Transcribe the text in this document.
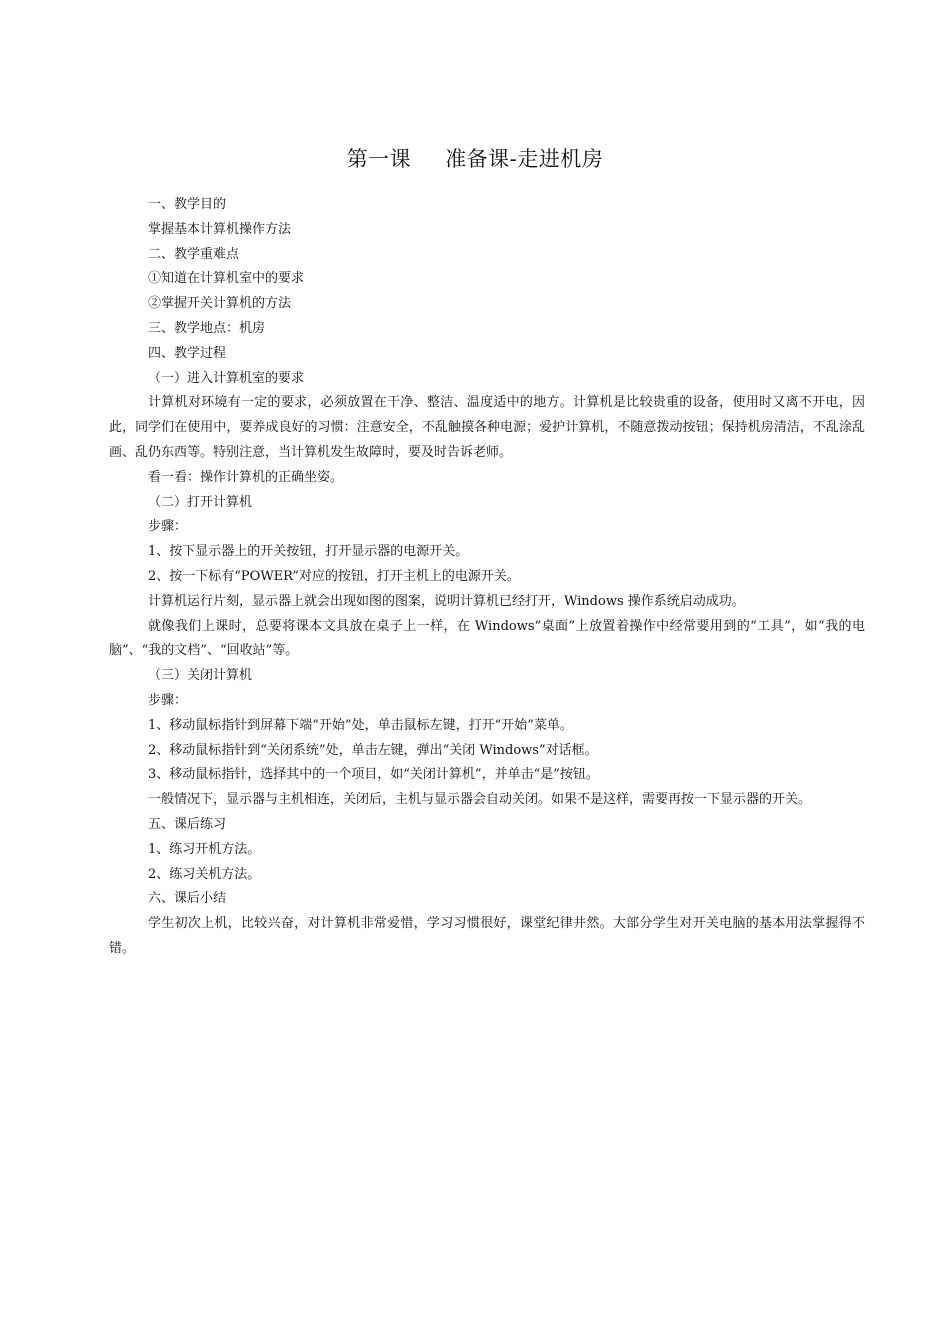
第一课 准备课-走进机房

一、教学目的

掌握基本计算机操作方法

二、教学重难点

①知道在计算机室中的要求

②掌握开关计算机的方法

三、教学地点：机房

四、教学过程

（一）进入计算机室的要求

计算机对环境有一定的要求，必须放置在干净、整洁、温度适中的地方。计算机是比较贵重的设备，使用时又离不开电，因此，同学们在使用中，要养成良好的习惯：注意安全，不乱触摸各种电源；爱护计算机，不随意拨动按钮；保持机房清洁，不乱涂乱画、乱仍东西等。特别注意，当计算机发生故障时，要及时告诉老师。

看一看：操作计算机的正确坐姿。

（二）打开计算机

步骤：

1、按下显示器上的开关按钮，打开显示器的电源开关。

2、按一下标有“POWER”对应的按钮，打开主机上的电源开关。

计算机运行片刻，显示器上就会出现如图的图案，说明计算机已经打开，Windows 操作系统启动成功。

就像我们上课时，总要将课本文具放在桌子上一样，在 Windows“桌面”上放置着操作中经常要用到的“工具”，如“我的电脑”、“我的文档”、“回收站”等。

（三）关闭计算机

步骤：

1、移动鼠标指针到屏幕下端“开始”处，单击鼠标左键，打开“开始”菜单。

2、移动鼠标指针到“关闭系统”处，单击左键，弹出“关闭 Windows”对话框。

3、移动鼠标指针，选择其中的一个项目，如“关闭计算机”，并单击“是”按钮。

一般情况下，显示器与主机相连，关闭后，主机与显示器会自动关闭。如果不是这样，需要再按一下显示器的开关。

五、课后练习

1、练习开机方法。

2、练习关机方法。

六、课后小结

学生初次上机，比较兴奋，对计算机非常爱惜，学习习惯很好，课堂纪律井然。大部分学生对开关电脑的基本用法掌握得不错。
